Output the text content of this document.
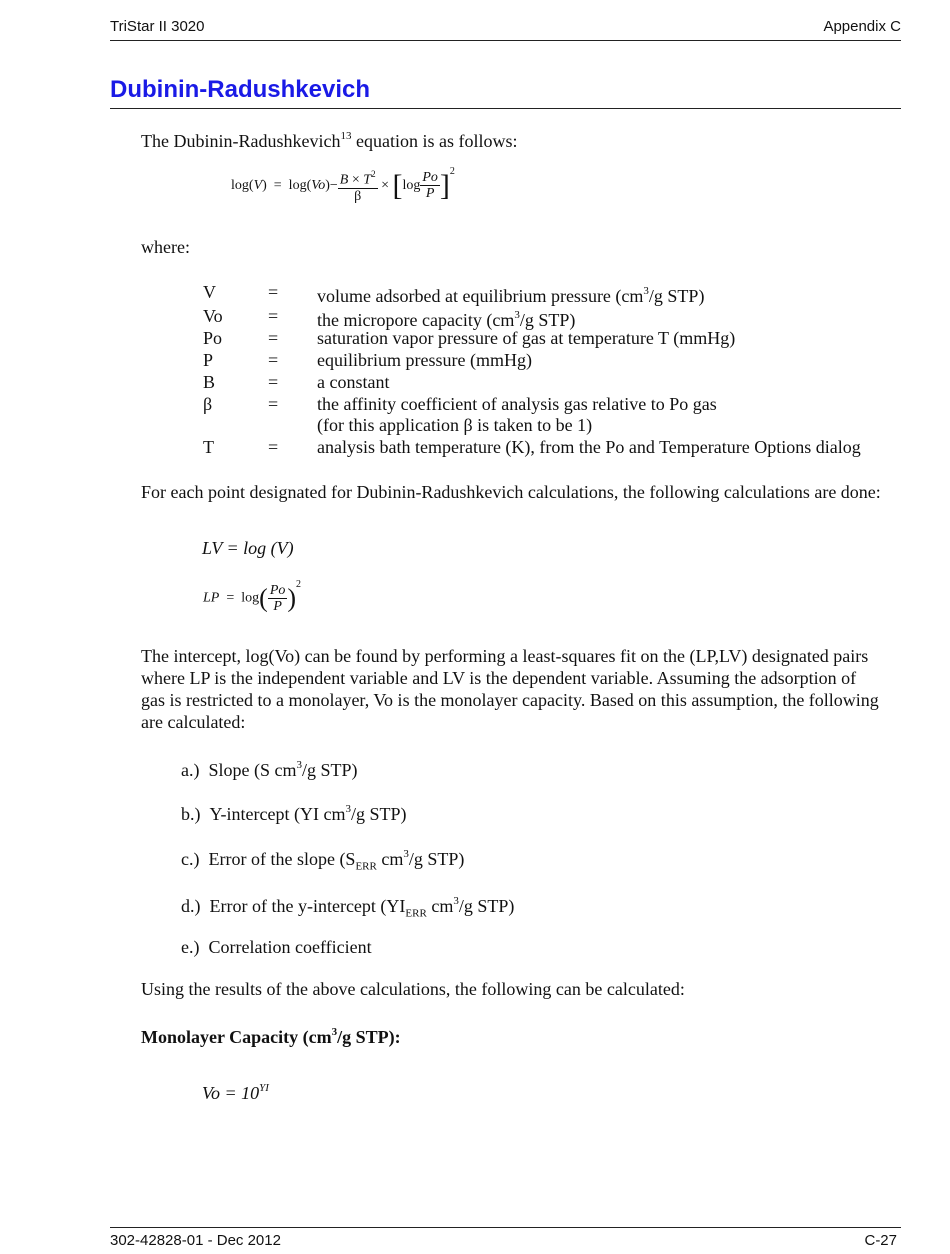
TriStar II 3020	Appendix C
Dubinin-Radushkevich
The Dubinin-Radushkevich$^{13}$ equation is as follows:
$\log(V) = \log(Vo)- \frac{B \times T^2}{\beta} \times [\log \frac{Po}{P} ]^2$
where:
V	= volume adsorbed at equilibrium pressure ($cm^3/g$ STP)
Vo	= the micropore capacity ($cm^3/g$ STP)
Po	= saturation vapor pressure of gas at temperature T (mmHg)
P	= equilibrium pressure (mmHg)
B	= a constant
β	= the affinity coefficient of analysis gas relative to Po gas
(for this application β is taken to be 1)
T	= analysis bath temperature (K), from the Po and Temperature Options dialog
For each point designated for Dubinin-Radushkevich calculations, the following calculations are done:
LV = log (V)
LP  =  $\log( \frac{Po}{P} )^2$
The intercept, log(Vo) can be found by performing a least-squares fit on the (LP,LV) designated pairs
where LP is the independent variable and LV is the dependent variable. Assuming the adsorption of
gas is restricted to a monolayer, Vo is the monolayer capacity. Based on this assumption, the following
are calculated:
a.) Slope (S $cm^3/g$ STP)
b.) Y-intercept (YI $cm^3/g$ STP)
c.) Error of the slope ($S_{ERR}$ $cm^3/g$ STP)
d.) Error of the y-intercept ($YI_{ERR}$ $cm^3/g$ STP)
e.) Correlation coefficient
Using the results of the above calculations, the following can be calculated:
Monolayer Capacity ($cm^3/g$ STP):
$Vo = 10^{YI}$
302-42828-01 - Dec 2012	C-27
